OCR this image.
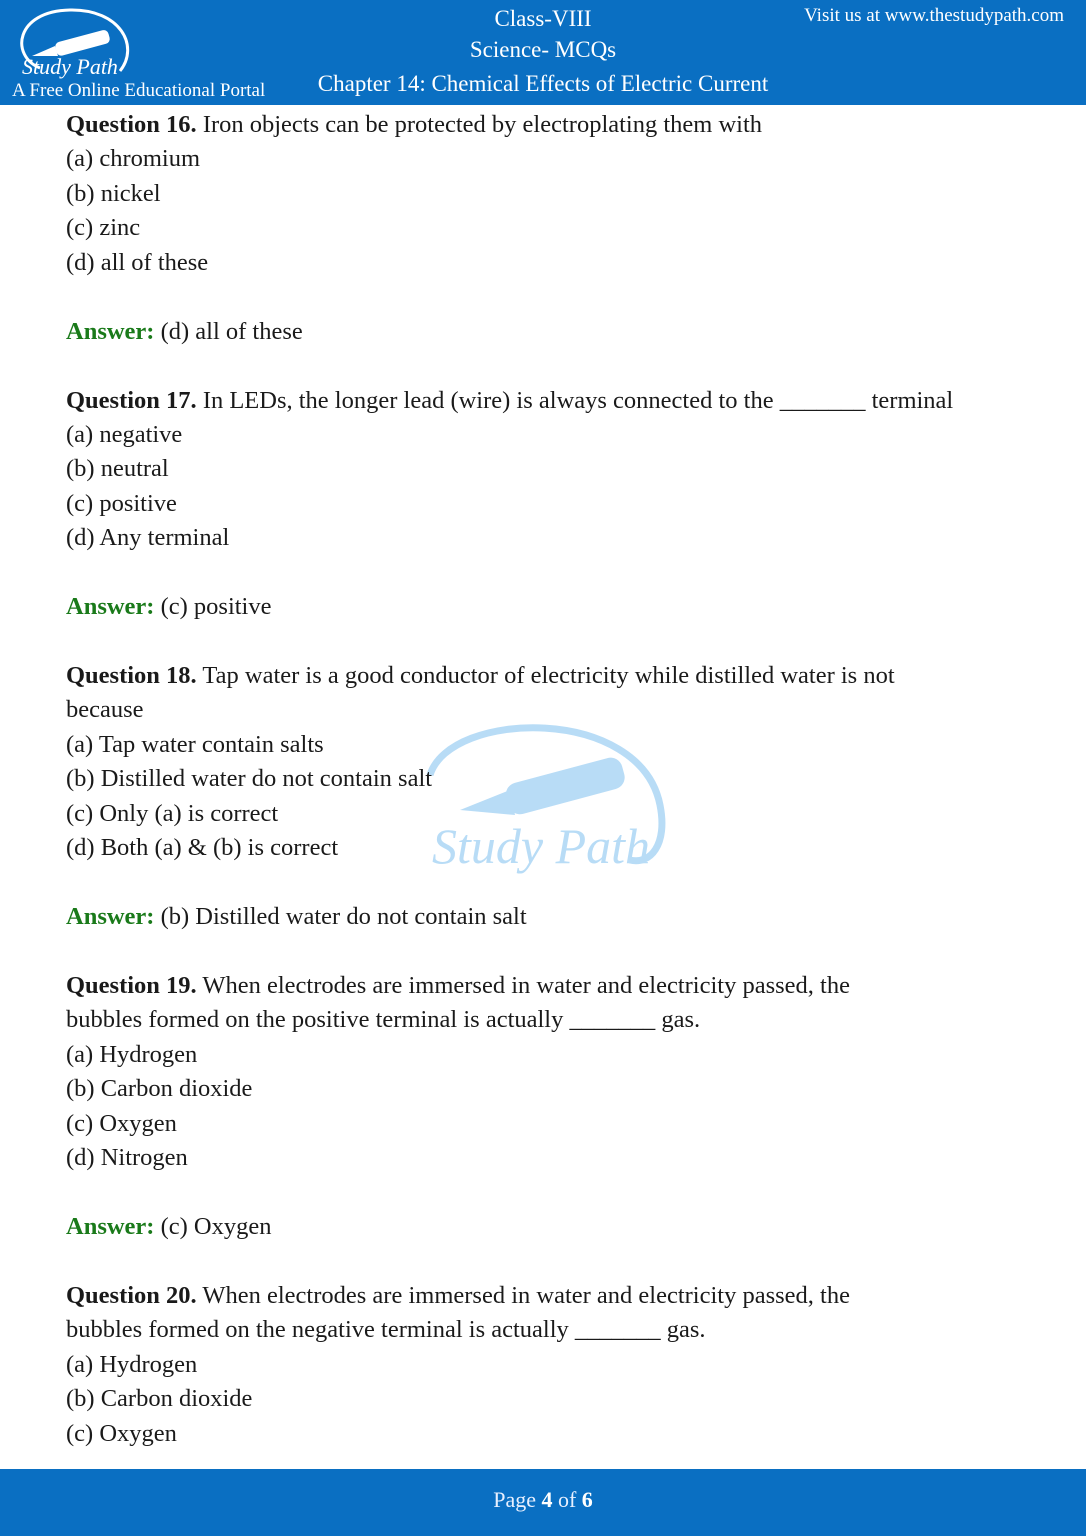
Study Path
A Free Online Educational Portal
Class-VIII
Science- MCQs
Chapter 14: Chemical Effects of Electric Current
Visit us at www.thestudypath.com
Study Path
Question 16. Iron objects can be protected by electroplating them with
(a) chromium
(b) nickel
(c) zinc
(d) all of these
Answer: (d) all of these
Question 17. In LEDs, the longer lead (wire) is always connected to the _______ terminal
(a) negative
(b) neutral
(c) positive
(d) Any terminal
Answer: (c) positive
Question 18. Tap water is a good conductor of electricity while distilled water is not
because
(a) Tap water contain salts
(b) Distilled water do not contain salt
(c) Only (a) is correct
(d) Both (a) & (b) is correct
Answer: (b) Distilled water do not contain salt
Question 19. When electrodes are immersed in water and electricity passed, the
bubbles formed on the positive terminal is actually _______ gas.
(a) Hydrogen
(b) Carbon dioxide
(c) Oxygen
(d) Nitrogen
Answer: (c) Oxygen
Question 20. When electrodes are immersed in water and electricity passed, the
bubbles formed on the negative terminal is actually _______ gas.
(a) Hydrogen
(b) Carbon dioxide
(c) Oxygen
Page 4 of 6
